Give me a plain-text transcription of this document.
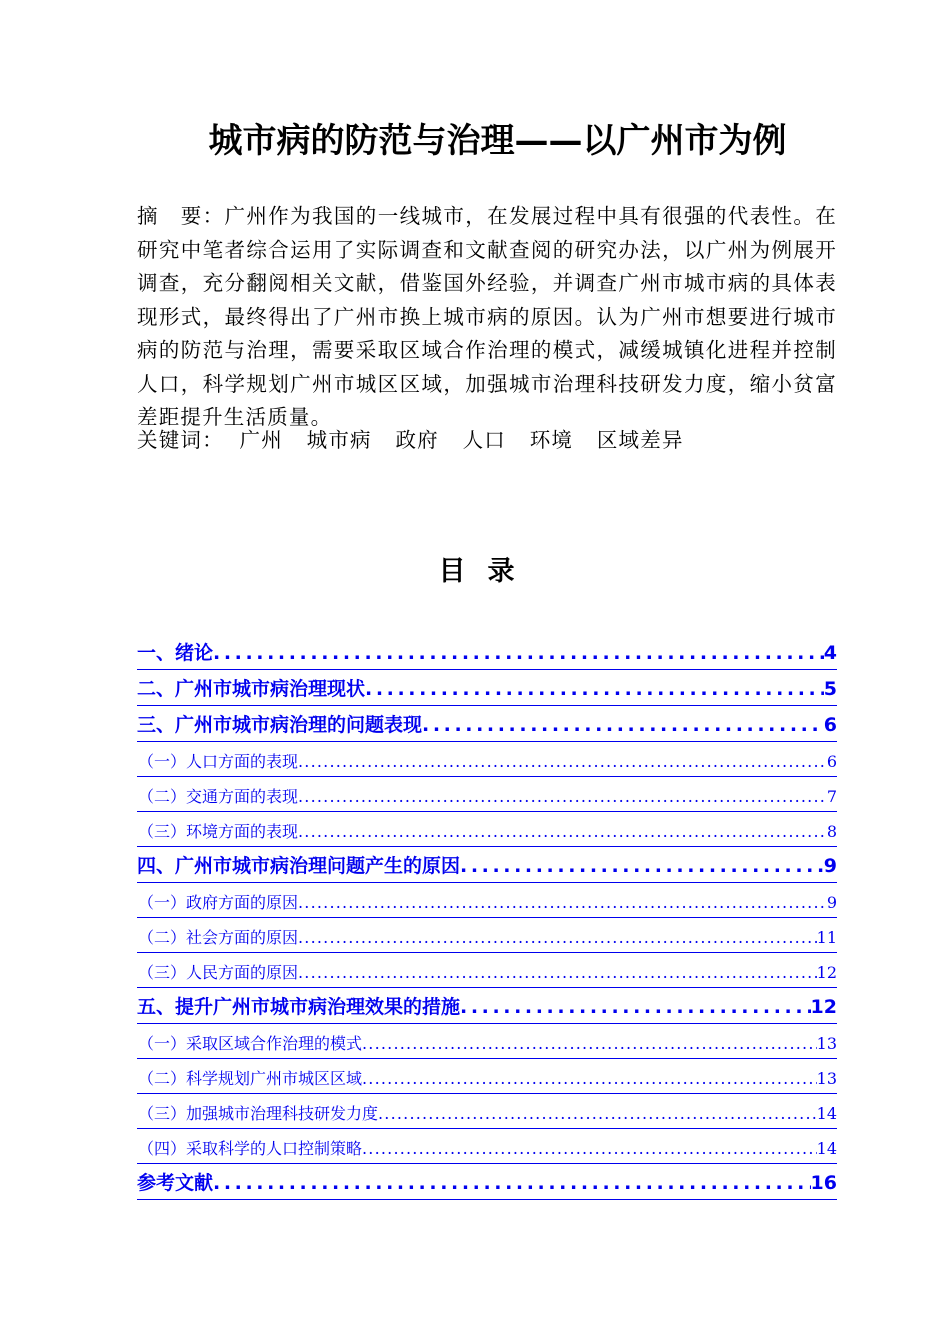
城市病的防范与治理——以广州市为例
摘　要：广州作为我国的一线城市，在发展过程中具有很强的代表性。在研究中笔者综合运用了实际调查和文献查阅的研究办法，以广州为例展开调查，充分翻阅相关文献，借鉴国外经验，并调查广州市城市病的具体表现形式，最终得出了广州市换上城市病的原因。认为广州市想要进行城市病的防范与治理，需要采取区域合作治理的模式，减缓城镇化进程并控制人口，科学规划广州市城区区域，加强城市治理科技研发力度，缩小贫富差距提升生活质量。
关键词： 广州 城市病 政府 人口 环境 区域差异
目录
一、绪论 .....	4
二、广州市城市病治理现状 .....	5
三、广州市城市病治理的问题表现 .....	6
（一）人口方面的表现 .....	6
（二）交通方面的表现 .....	7
（三）环境方面的表现 .....	8
四、广州市城市病治理问题产生的原因 .....	9
（一）政府方面的原因 .....	9
（二）社会方面的原因 .....	11
（三）人民方面的原因 .....	12
五、提升广州市城市病治理效果的措施 .....	12
（一）采取区域合作治理的模式 .....	13
（二）科学规划广州市城区区域 .....	13
（三）加强城市治理科技研发力度 .....	14
（四）采取科学的人口控制策略 .....	14
参考文献 .....	16
